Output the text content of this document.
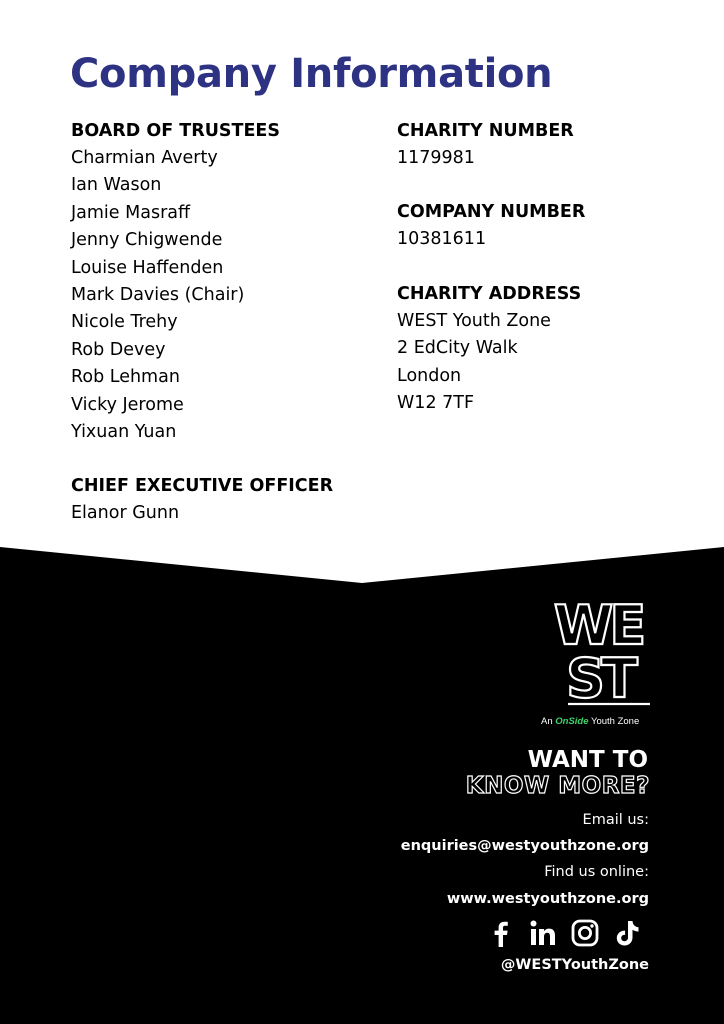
Company Information
BOARD OF TRUSTEES
Charmian Averty
Ian Wason
Jamie Masraff
Jenny Chigwende
Louise Haffenden
Mark Davies (Chair)
Nicole Trehy
Rob Devey
Rob Lehman
Vicky Jerome
Yixuan Yuan
CHIEF EXECUTIVE OFFICER
Elanor Gunn
CHARITY NUMBER
1179981
COMPANY NUMBER
10381611
CHARITY ADDRESS
WEST Youth Zone
2 EdCity Walk
London
W12 7TF
WE
ST
An OnSide Youth Zone
WANT TO
KNOW MORE?
Email us:
enquiries@westyouthzone.org
Find us online:
www.westyouthzone.org
@WESTYouthZone
